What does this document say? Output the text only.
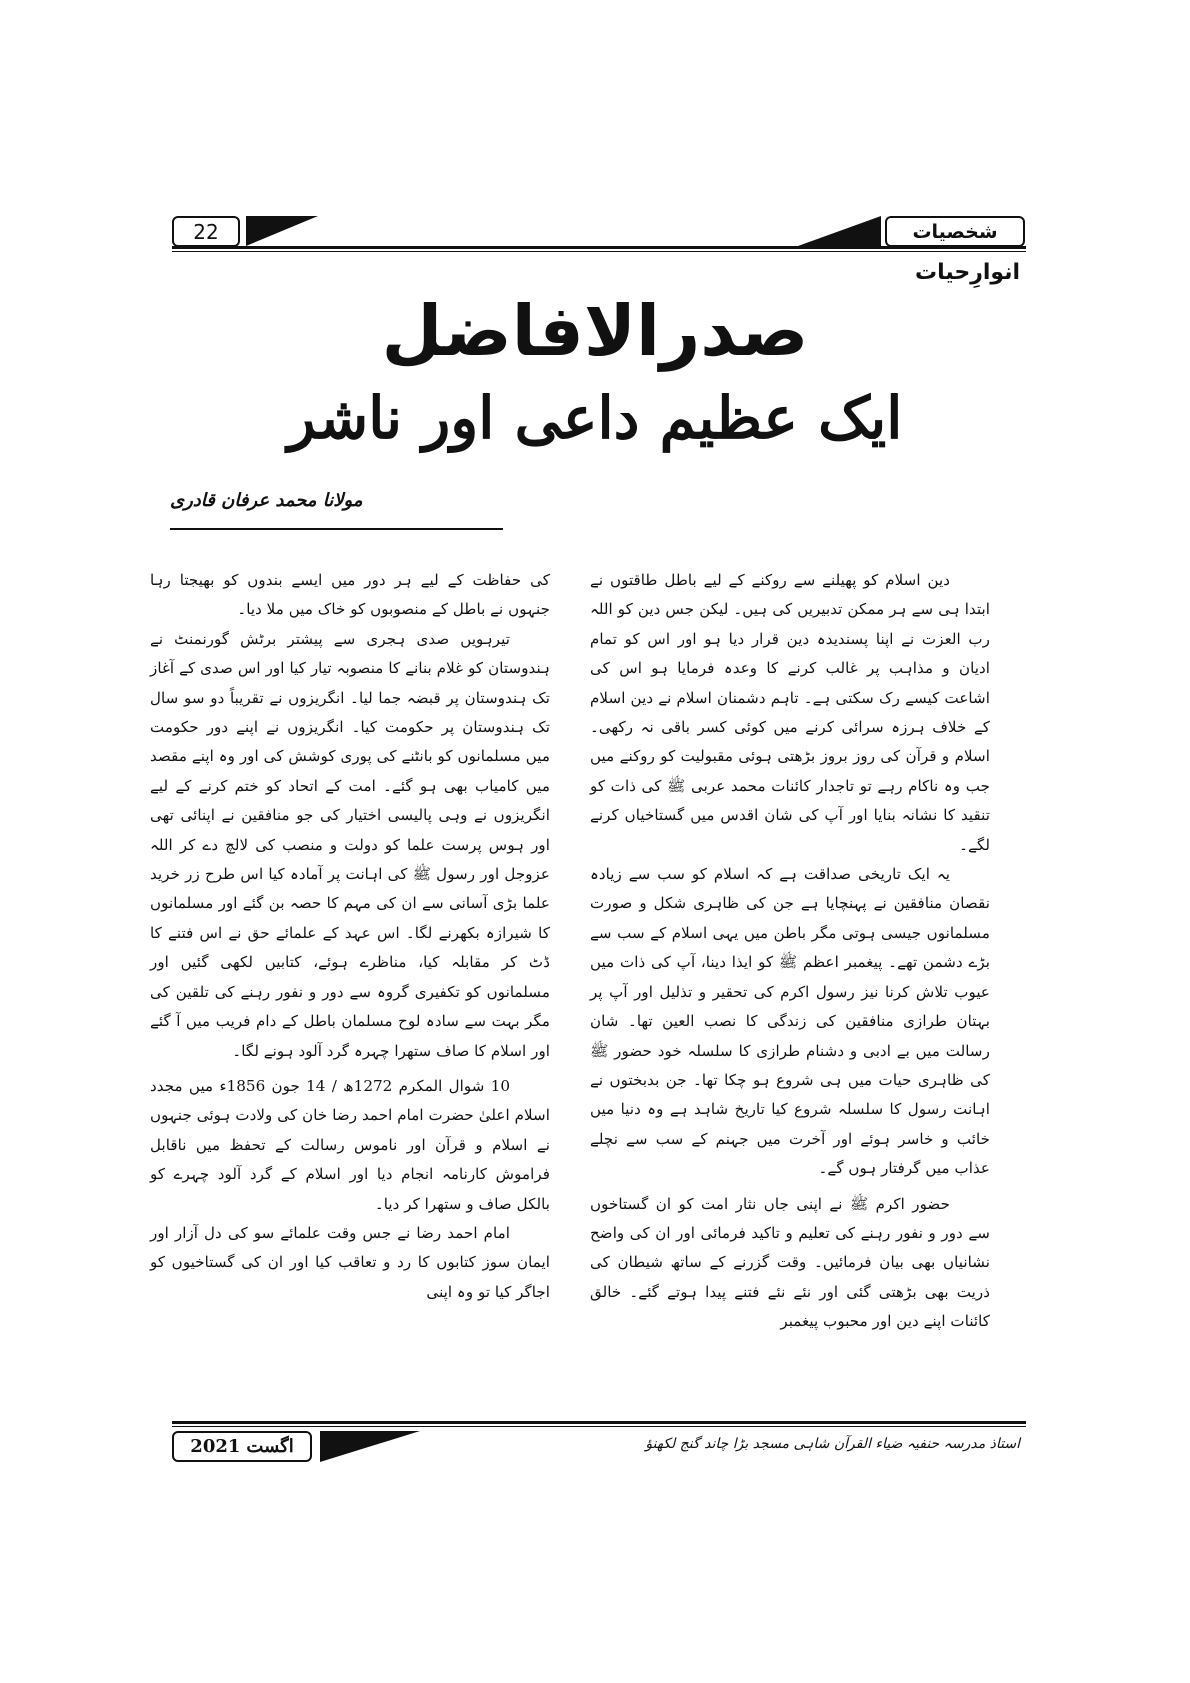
22	شخصیات
انوارِحیات
صدرالافاضل
ایک عظیم داعی اور ناشر
مولانا محمد عرفان قادری

دین اسلام کو پھیلنے سے روکنے کے لیے باطل طاقتوں نے ابتدا ہی سے ہر ممکن تدبیریں کی ہیں۔ لیکن جس دین کو اللہ رب العزت نے اپنا پسندیدہ دین قرار دیا ہو اور اس کو تمام ادیان و مذاہب پر غالب کرنے کا وعدہ فرمایا ہو اس کی اشاعت کیسے رک سکتی ہے۔ تاہم دشمنان اسلام نے دین اسلام کے خلاف ہرزہ سرائی کرنے میں کوئی کسر باقی نہ رکھی۔ اسلام و قرآن کی روز بروز بڑھتی ہوئی مقبولیت کو روکنے میں جب وہ ناکام رہے تو تاجدار کائنات محمد عربی ﷺ کی ذات کو تنقید کا نشانہ بنایا اور آپ کی شان اقدس میں گستاخیاں کرنے لگے۔

یہ ایک تاریخی صداقت ہے کہ اسلام کو سب سے زیادہ نقصان منافقین نے پہنچایا ہے جن کی ظاہری شکل و صورت مسلمانوں جیسی ہوتی مگر باطن میں یہی اسلام کے سب سے بڑے دشمن تھے۔ پیغمبر اعظم ﷺ کو ایذا دینا، آپ کی ذات میں عیوب تلاش کرنا نیز رسول اکرم کی تحقیر و تذلیل اور آپ پر بہتان طرازی منافقین کی زندگی کا نصب العین تھا۔ شان رسالت میں بے ادبی و دشنام طرازی کا سلسلہ خود حضور ﷺ کی ظاہری حیات میں ہی شروع ہو چکا تھا۔ جن بدبختوں نے اہانت رسول کا سلسلہ شروع کیا تاریخ شاہد ہے وہ دنیا میں خائب و خاسر ہوئے اور آخرت میں جہنم کے سب سے نچلے عذاب میں گرفتار ہوں گے۔

حضور اکرم ﷺ نے اپنی جاں نثار امت کو ان گستاخوں سے دور و نفور رہنے کی تعلیم و تاکید فرمائی اور ان کی واضح نشانیاں بھی بیان فرمائیں۔ وقت گزرنے کے ساتھ شیطان کی ذریت بھی بڑھتی گئی اور نئے نئے فتنے پیدا ہوتے گئے۔ خالق کائنات اپنے دین اور محبوب پیغمبر

کی حفاظت کے لیے ہر دور میں ایسے بندوں کو بھیجتا رہا جنہوں نے باطل کے منصوبوں کو خاک میں ملا دیا۔

تیرہویں صدی ہجری سے پیشتر برٹش گورنمنٹ نے ہندوستان کو غلام بنانے کا منصوبہ تیار کیا اور اس صدی کے آغاز تک ہندوستان پر قبضہ جما لیا۔ انگریزوں نے تقریباً دو سو سال تک ہندوستان پر حکومت کیا۔ انگریزوں نے اپنے دور حکومت میں مسلمانوں کو بانٹنے کی پوری کوشش کی اور وہ اپنے مقصد میں کامیاب بھی ہو گئے۔ امت کے اتحاد کو ختم کرنے کے لیے انگریزوں نے وہی پالیسی اختیار کی جو منافقین نے اپنائی تھی اور ہوس پرست علما کو دولت و منصب کی لالچ دے کر اللہ عزوجل اور رسول ﷺ کی اہانت پر آمادہ کیا اس طرح زر خرید علما بڑی آسانی سے ان کی مہم کا حصہ بن گئے اور مسلمانوں کا شیرازہ بکھرنے لگا۔ اس عہد کے علمائے حق نے اس فتنے کا ڈٹ کر مقابلہ کیا، مناظرے ہوئے، کتابیں لکھی گئیں اور مسلمانوں کو تکفیری گروہ سے دور و نفور رہنے کی تلقین کی مگر بہت سے سادہ لوح مسلمان باطل کے دام فریب میں آ گئے اور اسلام کا صاف ستھرا چہرہ گرد آلود ہونے لگا۔

10 شوال المکرم 1272ھ / 14 جون 1856ء میں مجدد اسلام اعلیٰ حضرت امام احمد رضا خان کی ولادت ہوئی جنہوں نے اسلام و قرآن اور ناموس رسالت کے تحفظ میں ناقابل فراموش کارنامہ انجام دیا اور اسلام کے گرد آلود چہرے کو بالکل صاف و ستھرا کر دیا۔

امام احمد رضا نے جس وقت علمائے سو کی دل آزار اور ایمان سوز کتابوں کا رد و تعاقب کیا اور ان کی گستاخیوں کو اجاگر کیا تو وہ اپنی

اگست
2021	استاذ مدرسہ حنفیہ ضیاء القرآن شاہی مسجد بڑا چاند گنج لکھنؤ
